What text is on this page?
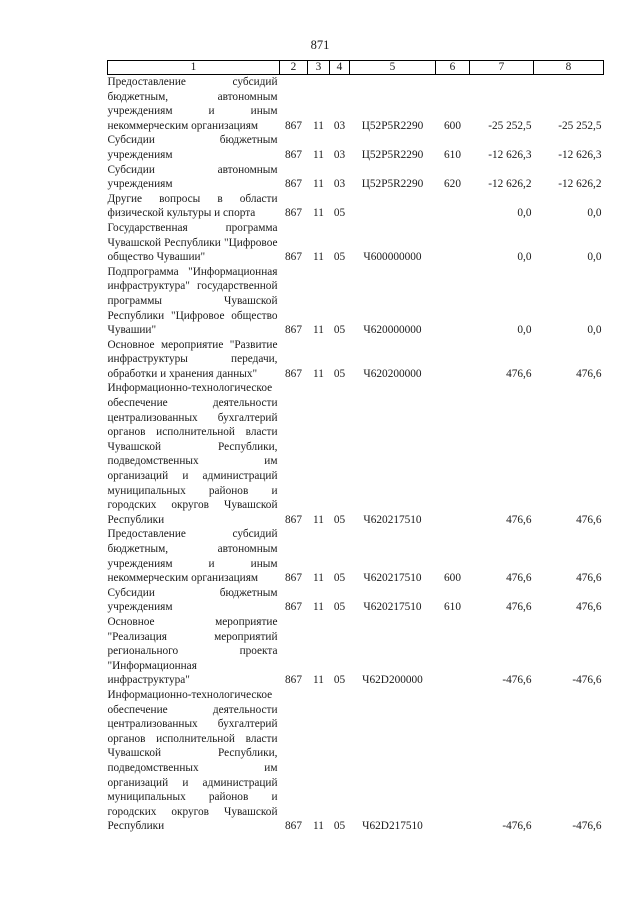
871
1	2	3	4	5	6	7	8
Предоставление субсидий бюджетным, автономным учреждениям и иным некоммерческим организациям	867	11	03	Ц52Р5R2290	600	-25 252,5	-25 252,5
Субсидии бюджетным учреждениям	867	11	03	Ц52Р5R2290	610	-12 626,3	-12 626,3
Субсидии автономным учреждениям	867	11	03	Ц52Р5R2290	620	-12 626,2	-12 626,2
Другие вопросы в области физической культуры и спорта	867	11	05			0,0	0,0
Государственная программа Чувашской Республики "Цифровое общество Чувашии"	867	11	05	Ч600000000		0,0	0,0
Подпрограмма "Информационная инфраструктура" государственной программы Чувашской Республики "Цифровое общество Чувашии"	867	11	05	Ч620000000		0,0	0,0
Основное мероприятие "Развитие инфраструктуры передачи, обработки и хранения данных"	867	11	05	Ч620200000		476,6	476,6
Информационно-технологическое обеспечение деятельности централизованных бухгалтерий органов исполнительной власти Чувашской Республики, подведомственных им организаций и администраций муниципальных районов и городских округов Чувашской Республики	867	11	05	Ч620217510		476,6	476,6
Предоставление субсидий бюджетным, автономным учреждениям и иным некоммерческим организациям	867	11	05	Ч620217510	600	476,6	476,6
Субсидии бюджетным учреждениям	867	11	05	Ч620217510	610	476,6	476,6
Основное мероприятие "Реализация мероприятий регионального проекта "Информационная инфраструктура"	867	11	05	Ч62D200000		-476,6	-476,6
Информационно-технологическое обеспечение деятельности централизованных бухгалтерий органов исполнительной власти Чувашской Республики, подведомственных им организаций и администраций муниципальных районов и городских округов Чувашской Республики	867	11	05	Ч62D217510		-476,6	-476,6
